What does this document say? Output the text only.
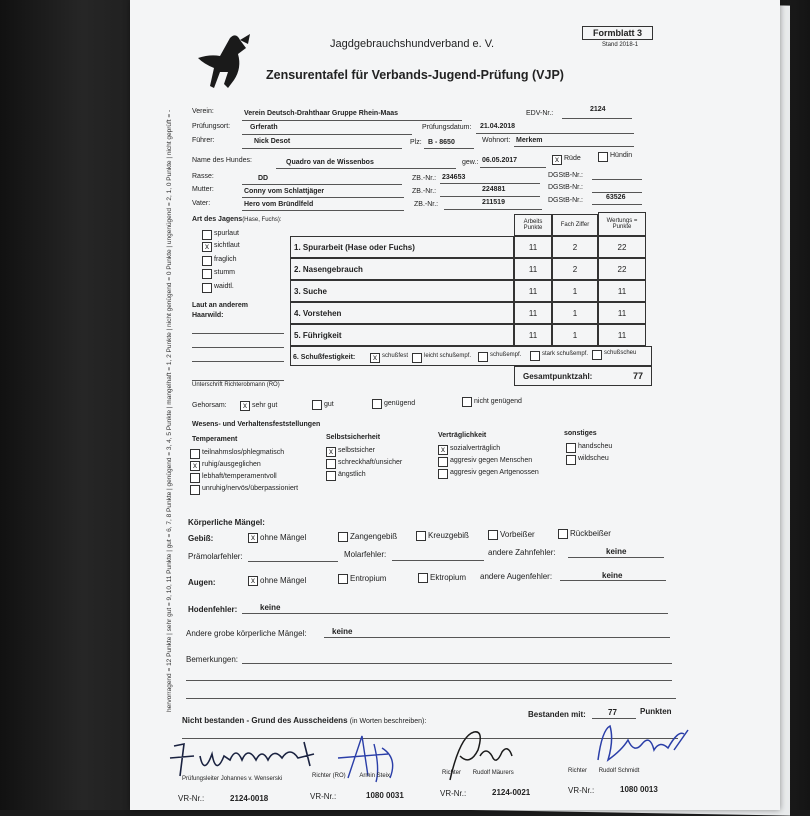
Jagdgebrauchshundverband e. V.
Zensurentafel für Verbands-Jugend-Prüfung (VJP)
Formblatt 3
Stand 2018-1
Verein:	Verein Deutsch-Drahthaar Gruppe Rhein-Maas	EDV-Nr.:
2124
Prüfungsort:	Grferath	Prüfungsdatum: 21.04.2018
Führer:	Nick Desot	Plz: B - 8650	Wohnort: Merkem
Name des Hundes:	Quadro van de Wissenbos	gew.: 06.05.2017	x Rüde	Hündin
Rasse:	DD	ZB.-Nr.: 234653	DGStB-Nr.:
Mutter:	Conny vom Schlattjäger	ZB.-Nr.:	224881	DGStB-Nr.:
Vater:	Hero vom Bründlfeld	ZB.-Nr.:	211519	DGStB-Nr.:	63526
Art des Jagens(Hase, Fuchs):
spurlaut
x sichtlaut
fraglich
stumm
waidtl.
Laut an anderem
Haarwild:
Unterschrift Richterobmann (RO)
Arbeits Punkte	Fach Ziffer
Wertungs = Punkte
1. Spurarbeit (Hase oder Fuchs)	11	2	22
2. Nasengebrauch	11	2	22
3. Suche	11	1	11
4. Vorstehen	11	1	11
5. Führigkeit	11	1	11
6. Schußfestigkeit:	x schußfest	leicht schußempf.	schußempf.	stark schußempf.	schußscheu
Gesamtpunktzahl:	77
Gehorsam:	x sehr gut	gut	genügend	nicht genügend
Wesens- und Verhaltensfeststellungen
Temperament
teilnahmslos/phlegmatisch
x ruhig/ausgeglichen
lebhaft/temperamentvoll
unruhig/nervös/überpassioniert
Selbstsicherheit
x selbstsicher
schreckhaft/unsicher
ängstlich
Verträglichkeit
x sozialverträglich
aggresiv gegen Menschen
aggresiv gegen Artgenossen
sonstiges
handscheu
wildscheu
Körperliche Mängel:
Gebiß:	x ohne Mängel	Zangengebiß	Kreuzgebiß	Vorbeißer	Rückbeißer
Prämolarfehler:	Molarfehler:	andere Zahnfehler:	keine
Augen:	x ohne Mängel	Entropium	Ektropium andere Augenfehler:	keine
Hodenfehler:	keine
Andere grobe körperliche Mängel:	keine
Bemerkungen:
Nicht bestanden - Grund des Ausscheidens (in Worten beschreiben):
Bestanden mit:	77	Punkten
Prüfungsleiter Johannes v. Wenserski	Richter (RO) Armin Steix	Richter Rudolf Mäurers	Richter Rudolf Schmidt
VR-Nr.:	2124-0018	VR-Nr.:	1080 0031	VR-Nr.:	2124-0021	VR-Nr.:	1080 0013
hervorragend = 12 Punkte | sehr gut = 9, 10, 11 Punkte | gut = 6, 7, 8 Punkte | genügend = 3, 4, 5 Punkte | mangelhaft = 1, 2 Punkte | nicht genügend = 0 Punkte | ungenügend = 2, 1, 0 Punkte | nicht geprüft = -
